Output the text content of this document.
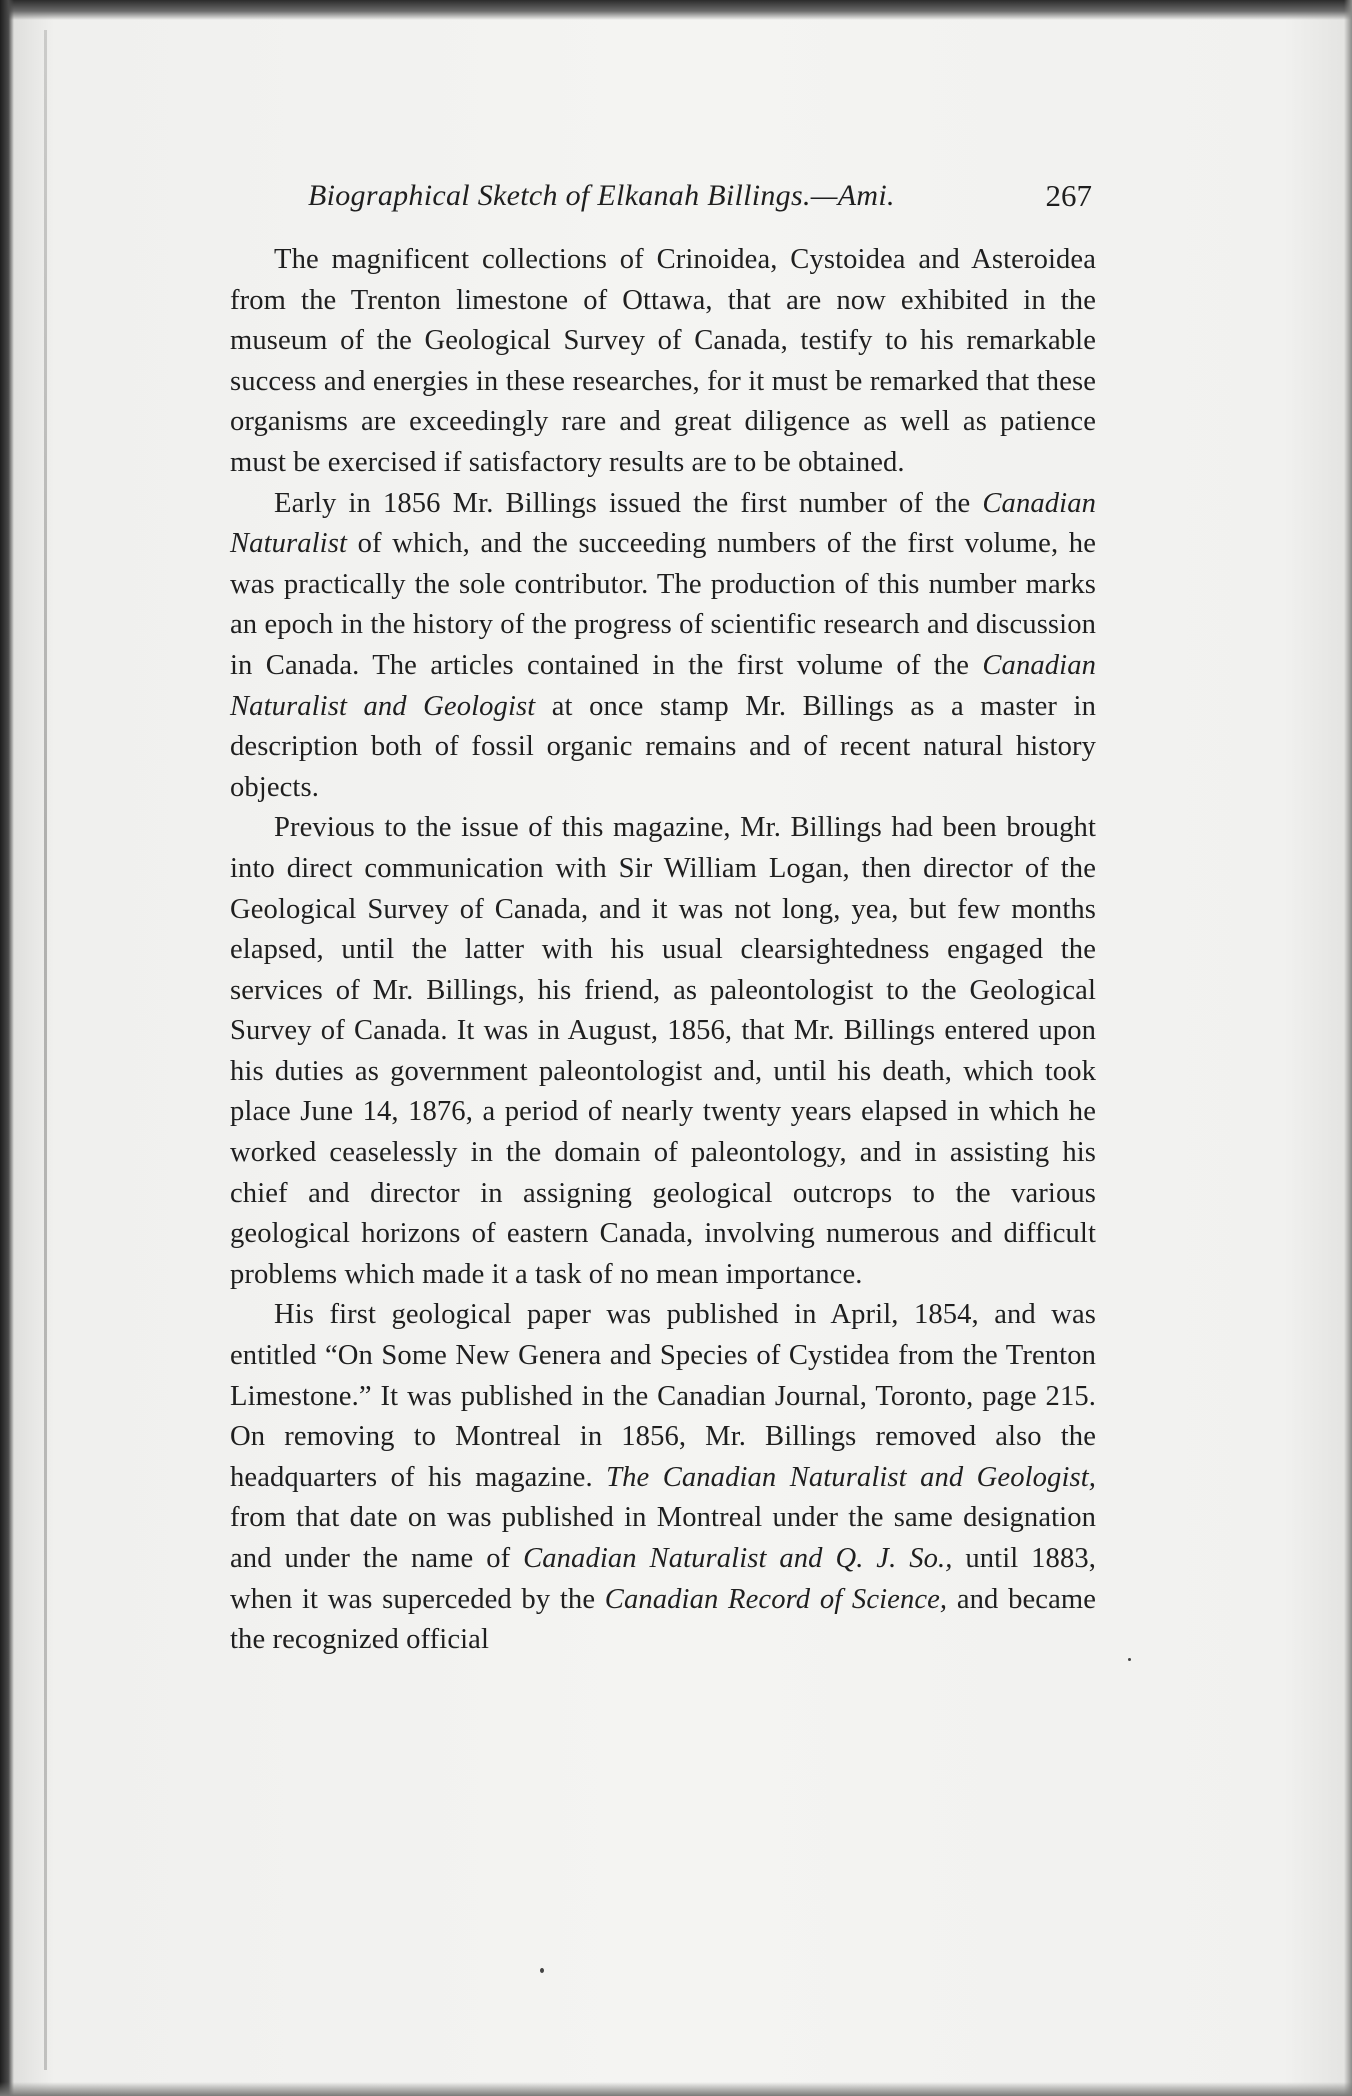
Biographical Sketch of Elkanah Billings.—Ami.	267

The magnificent collections of Crinoidea, Cystoidea and Asteroidea from the Trenton limestone of Ottawa, that are now exhibited in the museum of the Geological Survey of Canada, testify to his remarkable success and energies in these researches, for it must be remarked that these organisms are exceedingly rare and great diligence as well as patience must be exercised if satisfactory results are to be obtained.

Early in 1856 Mr. Billings issued the first number of the Canadian Naturalist of which, and the succeeding numbers of the first volume, he was practically the sole contributor. The production of this number marks an epoch in the history of the progress of scientific research and discussion in Canada. The articles contained in the first volume of the Canadian Naturalist and Geologist at once stamp Mr. Billings as a master in description both of fossil organic remains and of recent natural history objects.

Previous to the issue of this magazine, Mr. Billings had been brought into direct communication with Sir William Logan, then director of the Geological Survey of Canada, and it was not long, yea, but few months elapsed, until the latter with his usual clearsightedness engaged the services of Mr. Billings, his friend, as paleontologist to the Geological Survey of Canada. It was in August, 1856, that Mr. Billings entered upon his duties as government paleontologist and, until his death, which took place June 14, 1876, a period of nearly twenty years elapsed in which he worked ceaselessly in the domain of paleontology, and in assisting his chief and director in assigning geological outcrops to the various geological horizons of eastern Canada, involving numerous and difficult problems which made it a task of no mean importance.

His first geological paper was published in April, 1854, and was entitled “On Some New Genera and Species of Cystidea from the Trenton Limestone.” It was published in the Canadian Journal, Toronto, page 215. On removing to Montreal in 1856, Mr. Billings removed also the headquarters of his magazine. The Canadian Naturalist and Geologist, from that date on was published in Montreal under the same designation and under the name of Canadian Naturalist and Q. J. So., until 1883, when it was superceded by the Canadian Record of Science, and became the recognized official
